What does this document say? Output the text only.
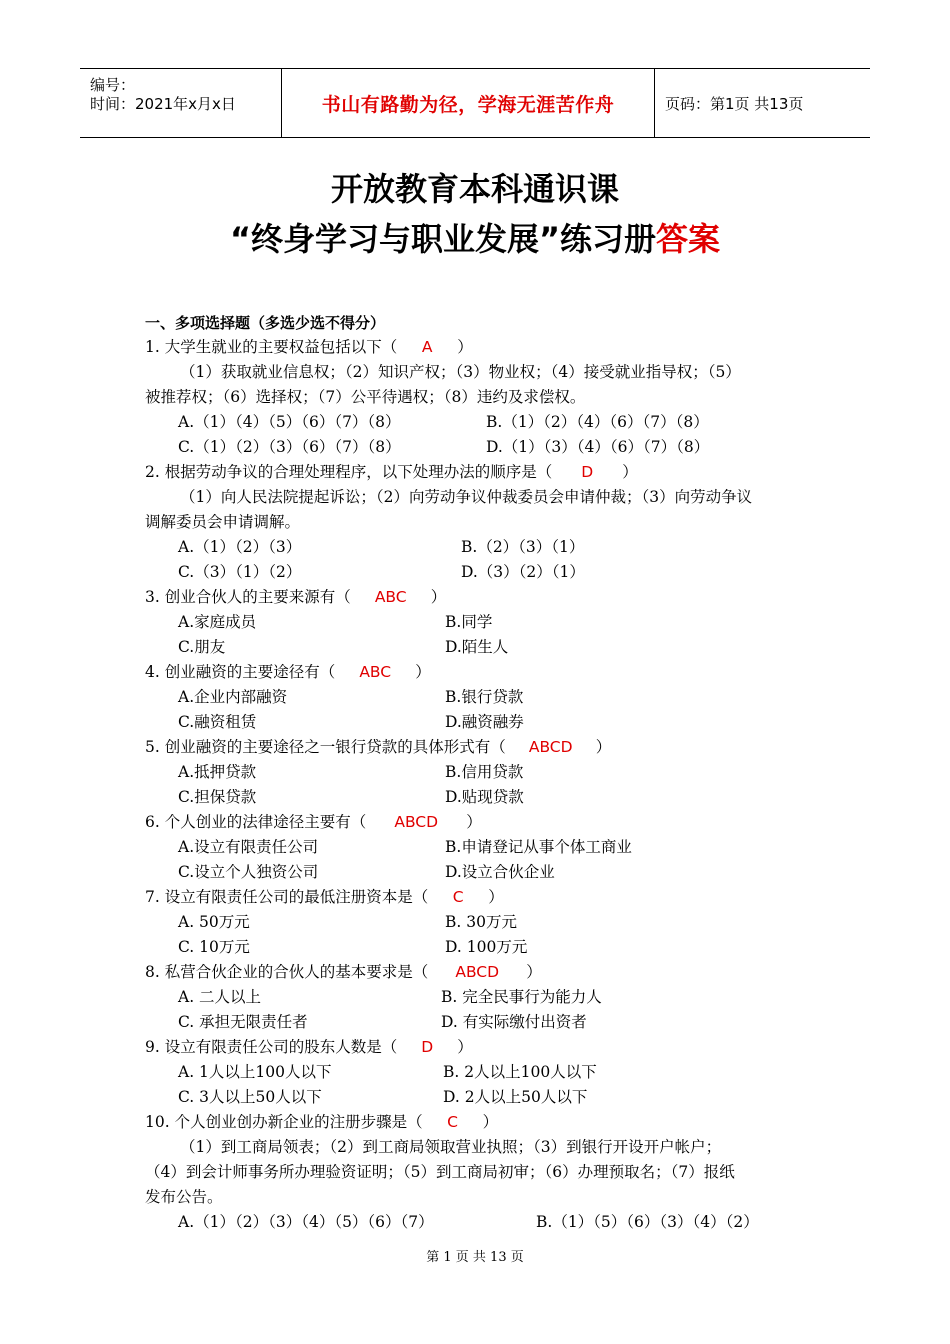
编号：
时间：2021年x月x日	书山有路勤为径，学海无涯苦作舟	页码：第1页 共13页
开放教育本科通识课
“终身学习与职业发展”练习册答案
一、多项选择题（多选少选不得分）
1. 大学生就业的主要权益包括以下（ A ）
（1）获取就业信息权；（2）知识产权；（3）物业权；（4）接受就业指导权；（5）
被推荐权；（6）选择权；（7）公平待遇权；（8）违约及求偿权。
A.（1）（4）（5）（6）（7）（8）	B.（1）（2）（4）（6）（7）（8）
C.（1）（2）（3）（6）（7）（8）	D.（1）（3）（4）（6）（7）（8）
2. 根据劳动争议的合理处理程序，以下处理办法的顺序是（ D ）
（1）向人民法院提起诉讼；（2）向劳动争议仲裁委员会申请仲裁；（3）向劳动争议
调解委员会申请调解。
A.（1）（2）（3）	B.（2）（3）（1）
C.（3）（1）（2）	D.（3）（2）（1）
3. 创业合伙人的主要来源有（ ABC ）
A.家庭成员	B.同学
C.朋友	D.陌生人
4. 创业融资的主要途径有（ ABC ）
A.企业内部融资	B.银行贷款
C.融资租赁	D.融资融券
5. 创业融资的主要途径之一银行贷款的具体形式有（ ABCD ）
A.抵押贷款	B.信用贷款
C.担保贷款	D.贴现贷款
6. 个人创业的法律途径主要有（ ABCD ）
A.设立有限责任公司	B.申请登记从事个体工商业
C.设立个人独资公司	D.设立合伙企业
7. 设立有限责任公司的最低注册资本是（ C ）
A. 50万元	B. 30万元
C. 10万元	D. 100万元
8. 私营合伙企业的合伙人的基本要求是（ ABCD ）
A. 二人以上	B. 完全民事行为能力人
C. 承担无限责任者	D. 有实际缴付出资者
9. 设立有限责任公司的股东人数是（ D ）
A. 1人以上100人以下	B. 2人以上100人以下
C. 3人以上50人以下	D. 2人以上50人以下
10. 个人创业创办新企业的注册步骤是（ C ）
（1）到工商局领表；（2）到工商局领取营业执照；（3）到银行开设开户帐户；
（4）到会计师事务所办理验资证明；（5）到工商局初审；（6）办理预取名；（7）报纸
发布公告。
A.（1）（2）（3）（4）（5）（6）（7）	B.（1）（5）（6）（3）（4）（2）
第 1 页 共 13 页
